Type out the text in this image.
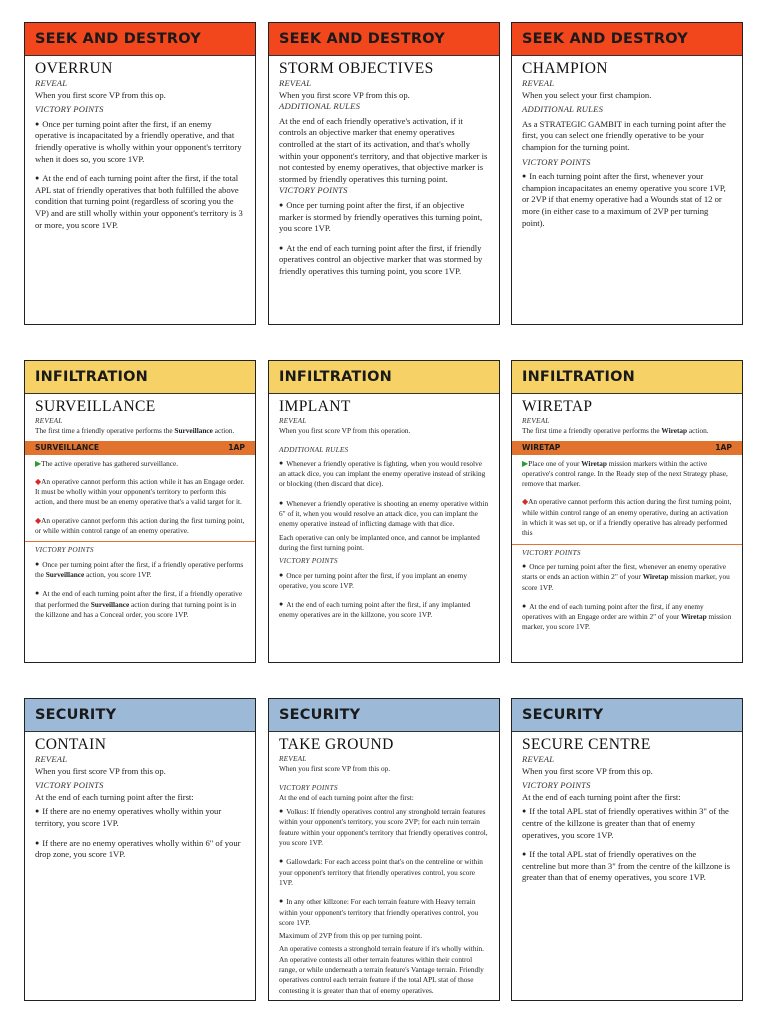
SEEK AND DESTROY
OVERRUN
REVEAL
When you first score VP from this op.
VICTORY POINTS
● Once per turning point after the first, if an enemy operative is incapacitated by a friendly operative, and that friendly operative is wholly within your opponent's territory when it does so, you score 1VP.
● At the end of each turning point after the first, if the total APL stat of friendly operatives that both fulfilled the above condition that turning point (regardless of scoring you the VP) and are still wholly within your opponent's territory is 3 or more, you score 1VP.
SEEK AND DESTROY
STORM OBJECTIVES
REVEAL
When you first score VP from this op.
ADDITIONAL RULES
At the end of each friendly operative's activation, if it controls an objective marker that enemy operatives controlled at the start of its activation, and that's wholly within your opponent's territory, and that objective marker is not contested by enemy operatives, that objective marker is stormed by friendly operatives this turning point.
VICTORY POINTS
● Once per turning point after the first, if an objective marker is stormed by friendly operatives this turning point, you score 1VP.
● At the end of each turning point after the first, if friendly operatives control an objective marker that was stormed by friendly operatives this turning point, you score 1VP.
SEEK AND DESTROY
CHAMPION
REVEAL
When you select your first champion.
ADDITIONAL RULES
As a STRATEGIC GAMBIT in each turning point after the first, you can select one friendly operative to be your champion for the turning point.
VICTORY POINTS
● In each turning point after the first, whenever your champion incapacitates an enemy operative you score 1VP, or 2VP if that enemy operative had a Wounds stat of 12 or more (in either case to a maximum of 2VP per turning point).
INFILTRATION
SURVEILLANCE
REVEAL
The first time a friendly operative performs the Surveillance action.
SURVEILLANCE	1AP
▶The active operative has gathered surveillance.
◆An operative cannot perform this action while it has an Engage order. It must be wholly within your opponent's territory to perform this action, and there must be an enemy operative that's a valid target for it.
◆An operative cannot perform this action during the first turning point, or while within control range of an enemy operative.
VICTORY POINTS
● Once per turning point after the first, if a friendly operative performs the Surveillance action, you score 1VP.
● At the end of each turning point after the first, if a friendly operative that performed the Surveillance action during that turning point is in the killzone and has a Conceal order, you score 1VP.
INFILTRATION
IMPLANT
REVEAL
When you first score VP from this operation.
ADDITIONAL RULES
● Whenever a friendly operative is fighting, when you would resolve an attack dice, you can implant the enemy operative instead of striking or blocking (then discard that dice).
● Whenever a friendly operative is shooting an enemy operative within 6" of it, when you would resolve an attack dice, you can implant the enemy operative instead of inflicting damage with that dice.
Each operative can only be implanted once, and cannot be implanted during the first turning point.
VICTORY POINTS
● Once per turning point after the first, if you implant an enemy operative, you score 1VP.
● At the end of each turning point after the first, if any implanted enemy operatives are in the killzone, you score 1VP.
INFILTRATION
WIRETAP
REVEAL
The first time a friendly operative performs the Wiretap action.
WIRETAP	1AP
▶Place one of your Wiretap mission markers within the active operative's control range. In the Ready step of the next Strategy phase, remove that marker.
◆An operative cannot perform this action during the first turning point, while within control range of an enemy operative, during an activation in which it was set up, or if a friendly operative has already performed this
VICTORY POINTS
● Once per turning point after the first, whenever an enemy operative starts or ends an action within 2" of your Wiretap mission marker, you score 1VP.
● At the end of each turning point after the first, if any enemy operatives with an Engage order are within 2" of your Wiretap mission marker, you score 1VP.
SECURITY
CONTAIN
REVEAL
When you first score VP from this op.
VICTORY POINTS
At the end of each turning point after the first:
● If there are no enemy operatives wholly within your territory, you score 1VP.
● If there are no enemy operatives wholly within 6" of your drop zone, you score 1VP.
SECURITY
TAKE GROUND
REVEAL
When you first score VP from this op.
VICTORY POINTS
At the end of each turning point after the first:
● Volkus: If friendly operatives control any stronghold terrain features within your opponent's territory, you score 2VP; for each ruin terrain feature within your opponent's territory that friendly operatives control, you score 1VP.
● Gallowdark: For each access point that's on the centreline or within your opponent's territory that friendly operatives control, you score 1VP.
● In any other killzone: For each terrain feature with Heavy terrain within your opponent's territory that friendly operatives control, you score 1VP.
Maximum of 2VP from this op per turning point.
An operative contests a stronghold terrain feature if it's wholly within. An operative contests all other terrain features within their control range, or while underneath a terrain feature's Vantage terrain. Friendly operatives control each terrain feature if the total APL stat of those contesting it is greater than that of enemy operatives.
SECURITY
SECURE CENTRE
REVEAL
When you first score VP from this op.
VICTORY POINTS
At the end of each turning point after the first:
● If the total APL stat of friendly operatives within 3" of the centre of the killzone is greater than that of enemy operatives, you score 1VP.
● If the total APL stat of friendly operatives on the centreline but more than 3" from the centre of the killzone is greater than that of enemy operatives, you score 1VP.
